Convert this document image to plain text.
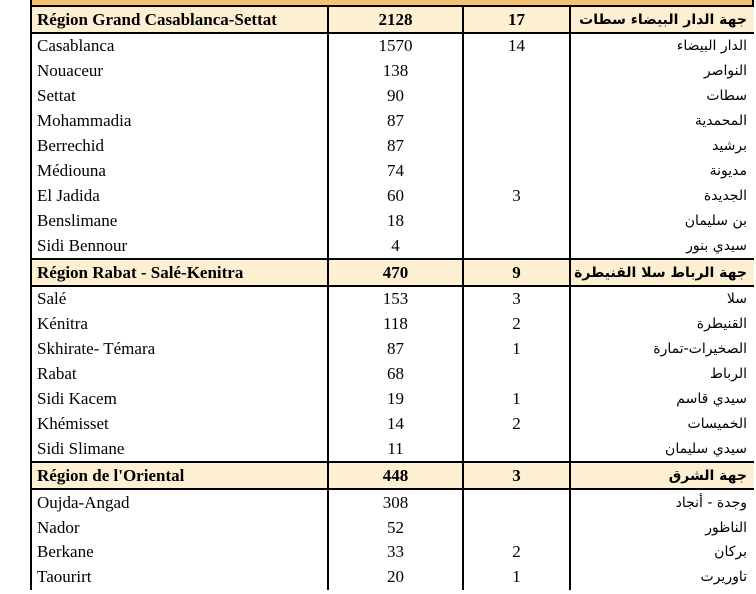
Région Grand Casablanca-Settat	2128	17	جهة الدار البيضاء سطات
Casablanca	1570	14	الدار البيضاء
Nouaceur	138		النواصر
Settat	90		سطات
Mohammadia	87		المحمدية
Berrechid	87		برشيد
Médiouna	74		مديونة
El Jadida	60	3	الجديدة
Benslimane	18		بن سليمان
Sidi Bennour	4		سيدي بنور
Région Rabat - Salé-Kenitra	470	9	جهة الرباط سلا القنيطرة
Salé	153	3	سلا
Kénitra	118	2	القنيطرة
Skhirate- Témara	87	1	الصخيرات-تمارة
Rabat	68		الرباط
Sidi Kacem	19	1	سيدي قاسم
Khémisset	14	2	الخميسات
Sidi Slimane	11		سيدي سليمان
Région de l'Oriental	448	3	جهة الشرق
Oujda-Angad	308		وجدة - أنجاد
Nador	52		الناظور
Berkane	33	2	بركان
Taourirt	20	1	تاوريرت
